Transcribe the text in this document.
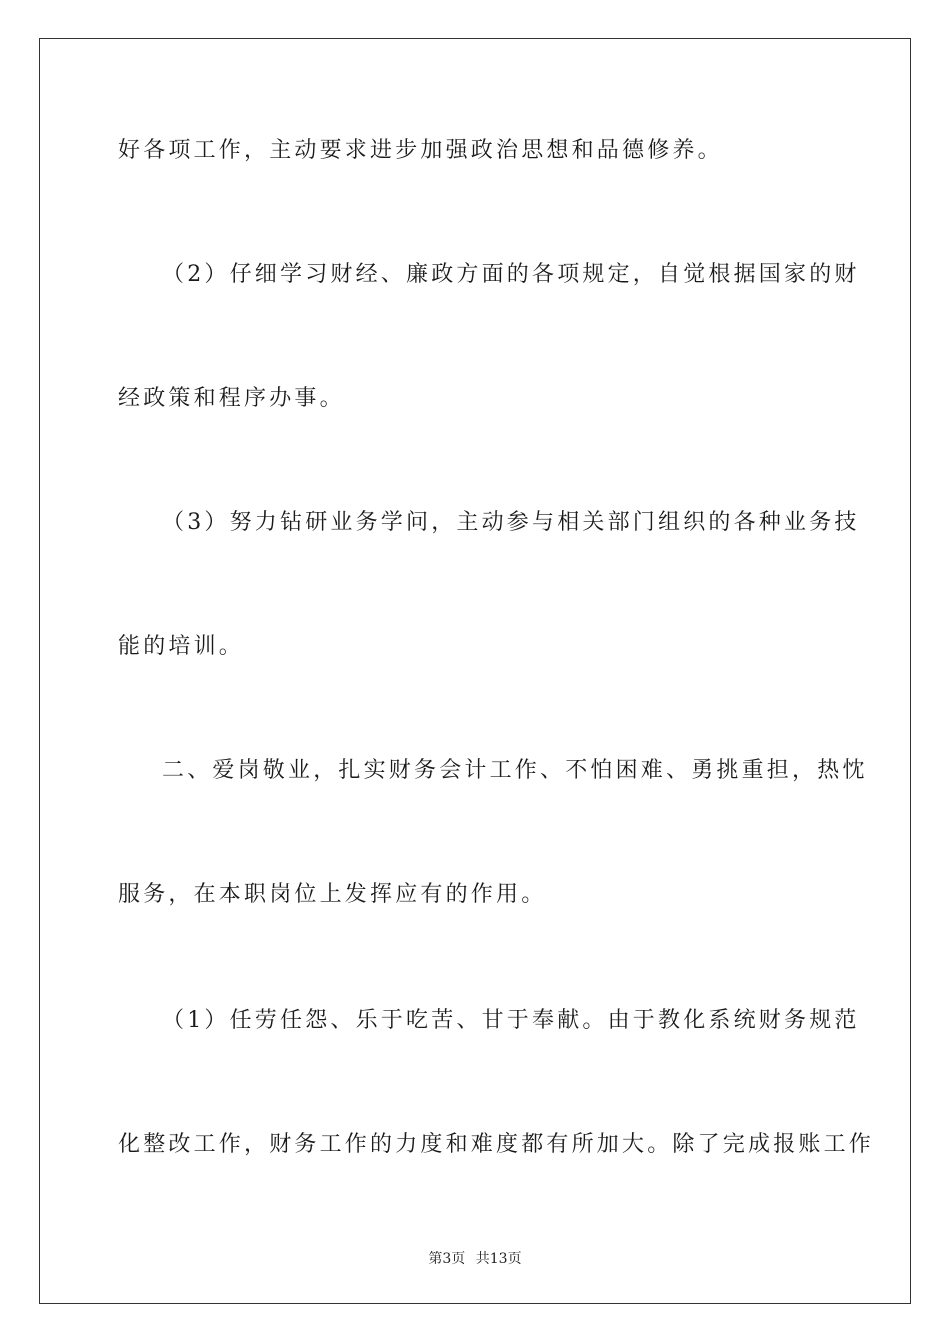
好各项工作，主动要求进步加强政治思想和品德修养。
（2）仔细学习财经、廉政方面的各项规定，自觉根据国家的财
经政策和程序办事。
（3）努力钻研业务学问，主动参与相关部门组织的各种业务技
能的培训。
二、爱岗敬业，扎实财务会计工作、不怕困难、勇挑重担，热忱
服务，在本职岗位上发挥应有的作用。
（1）任劳任怨、乐于吃苦、甘于奉献。由于教化系统财务规范
化整改工作，财务工作的力度和难度都有所加大。除了完成报账工作
第3页 共13页
